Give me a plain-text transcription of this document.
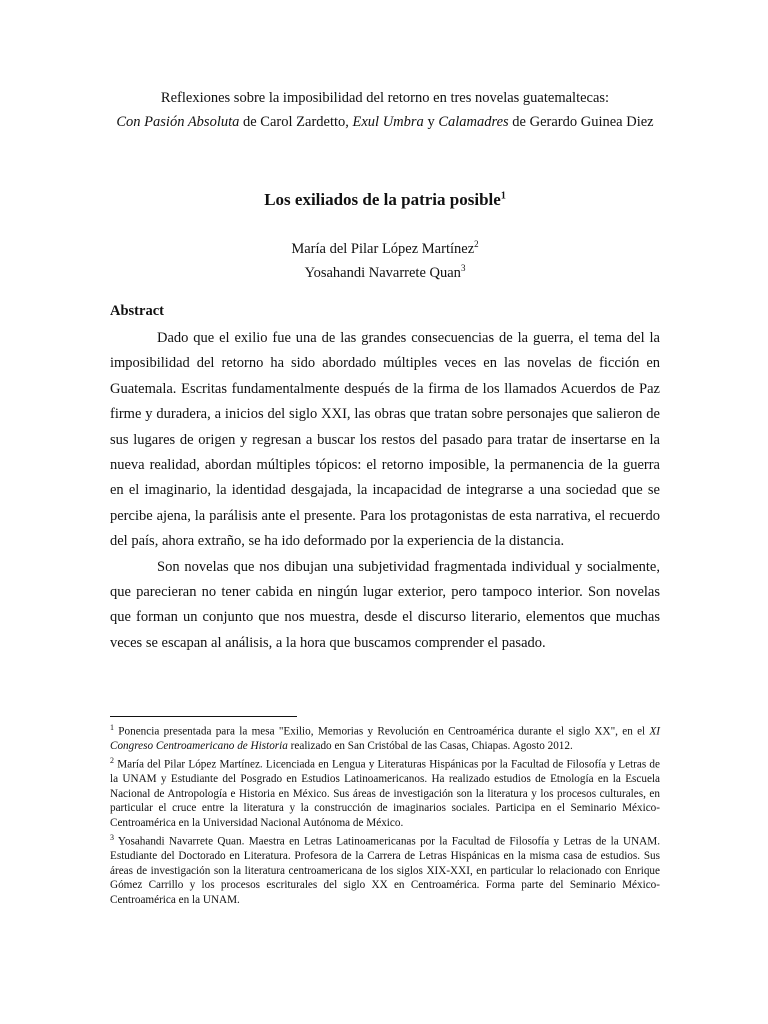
Reflexiones sobre la imposibilidad del retorno en tres novelas guatemaltecas:
Con Pasión Absoluta de Carol Zardetto, Exul Umbra y Calamadres de Gerardo Guinea Diez
Los exiliados de la patria posible$^1$
María del Pilar López Martínez$^2$
Yosahandi Navarrete Quan$^3$
Abstract

Dado que el exilio fue una de las grandes consecuencias de la guerra, el tema del la imposibilidad del retorno ha sido abordado múltiples veces en las novelas de ficción en Guatemala. Escritas fundamentalmente después de la firma de los llamados Acuerdos de Paz firme y duradera, a inicios del siglo XXI, las obras que tratan sobre personajes que salieron de sus lugares de origen y regresan a buscar los restos del pasado para tratar de insertarse en la nueva realidad, abordan múltiples tópicos: el retorno imposible, la permanencia de la guerra en el imaginario, la identidad desgajada, la incapacidad de integrarse a una sociedad que se percibe ajena, la parálisis ante el presente. Para los protagonistas de esta narrativa, el recuerdo del país, ahora extraño, se ha ido deformado por la experiencia de la distancia.

Son novelas que nos dibujan una subjetividad fragmentada individual y socialmente, que parecieran no tener cabida en ningún lugar exterior, pero tampoco interior. Son novelas que forman un conjunto que nos muestra, desde el discurso literario, elementos que muchas veces se escapan al análisis, a la hora que buscamos comprender el pasado.

$^1$ Ponencia presentada para la mesa "Exilio, Memorias y Revolución en Centroamérica durante el siglo XX", en el XI Congreso Centroamericano de Historia realizado en San Cristóbal de las Casas, Chiapas. Agosto 2012.

$^2$ María del Pilar López Martínez. Licenciada en Lengua y Literaturas Hispánicas por la Facultad de Filosofía y Letras de la UNAM y Estudiante del Posgrado en Estudios Latinoamericanos. Ha realizado estudios de Etnología en la Escuela Nacional de Antropología e Historia en México. Sus áreas de investigación son la literatura y los procesos culturales, en particular el cruce entre la literatura y la construcción de imaginarios sociales. Participa en el Seminario México- Centroamérica en la Universidad Nacional Autónoma de México.

$^3$ Yosahandi Navarrete Quan. Maestra en Letras Latinoamericanas por la Facultad de Filosofía y Letras de la UNAM. Estudiante del Doctorado en Literatura. Profesora de la Carrera de Letras Hispánicas en la misma casa de estudios. Sus áreas de investigación son la literatura centroamericana de los siglos XIX-XXI, en particular lo relacionado con Enrique Gómez Carrillo y los procesos escriturales del siglo XX en Centroamérica. Forma parte del Seminario México- Centroamérica en la UNAM.
